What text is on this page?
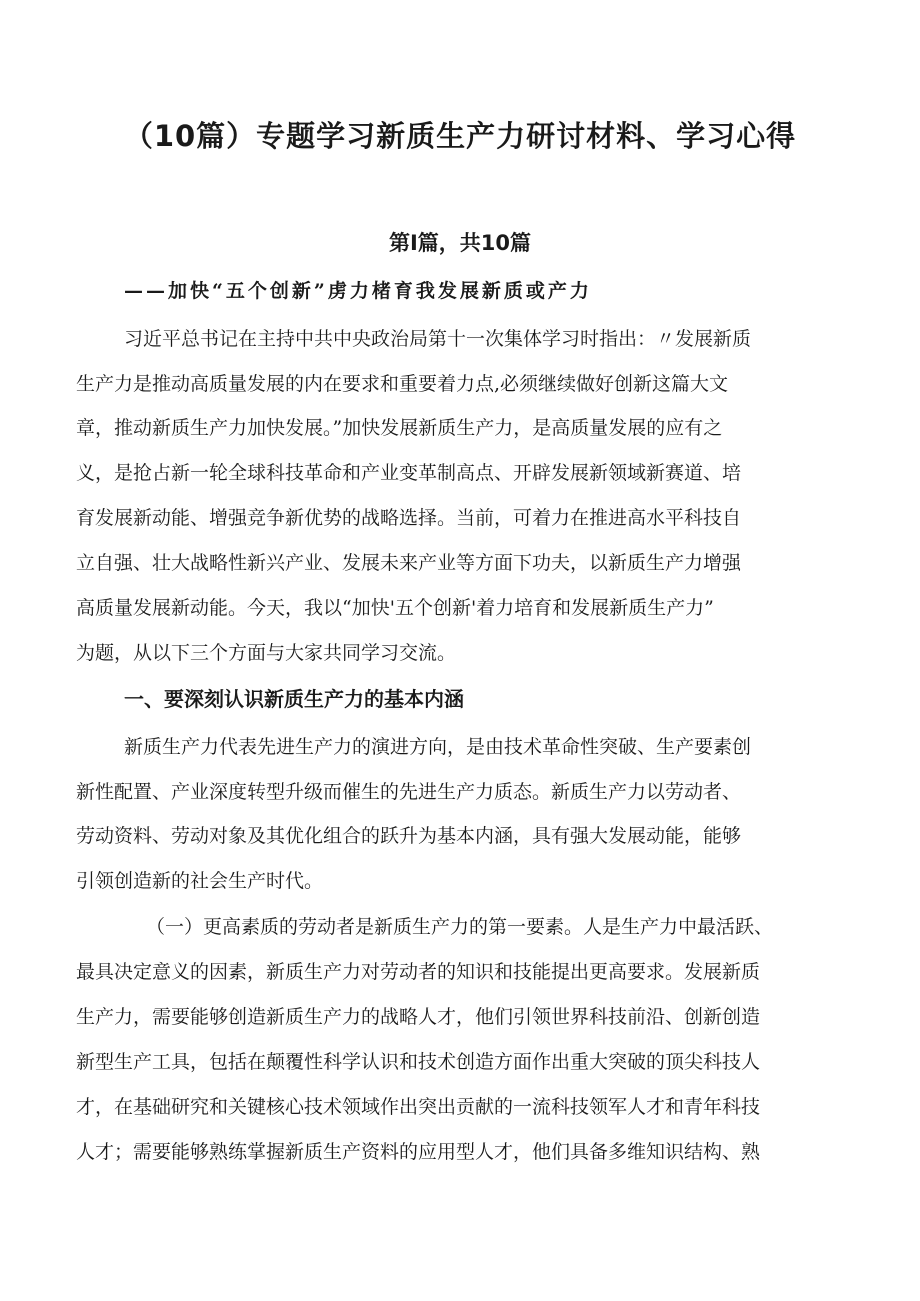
（10篇）专题学习新质生产力研讨材料、学习心得
第Ⅰ篇，共10篇

——加快“五个创新”虏力楮育我发展新质或产力

习近平总书记在主持中共中央政治局第十一次集体学习时指出：〃发展新质

生产力是推动高质量发展的内在要求和重要着力点,必须继续做好创新这篇大文

章，推动新质生产力加快发展。”加快发展新质生产力，是高质量发展的应有之

义，是抢占新一轮全球科技革命和产业变革制高点、开辟发展新领域新赛道、培

育发展新动能、增强竞争新优势的战略选择。当前，可着力在推进高水平科技自

立自强、壮大战略性新兴产业、发展未来产业等方面下功夫，以新质生产力增强

高质量发展新动能。今天，我以“加快'五个创新'着力培育和发展新质生产力”

为题，从以下三个方面与大家共同学习交流。

一、要深刻认识新质生产力的基本内涵

新质生产力代表先进生产力的演进方向，是由技术革命性突破、生产要素创

新性配置、产业深度转型升级而催生的先进生产力质态。新质生产力以劳动者、

劳动资料、劳动对象及其优化组合的跃升为基本内涵，具有强大发展动能，能够

引领创造新的社会生产时代。

（一）更高素质的劳动者是新质生产力的第一要素。人是生产力中最活跃、

最具决定意义的因素，新质生产力对劳动者的知识和技能提出更高要求。发展新质

生产力，需要能够创造新质生产力的战略人才，他们引领世界科技前沿、创新创造

新型生产工具，包括在颠覆性科学认识和技术创造方面作出重大突破的顶尖科技人

才，在基础研究和关键核心技术领域作出突出贡献的一流科技领军人才和青年科技

人才；需要能够熟练掌握新质生产资料的应用型人才，他们具备多维知识结构、熟
